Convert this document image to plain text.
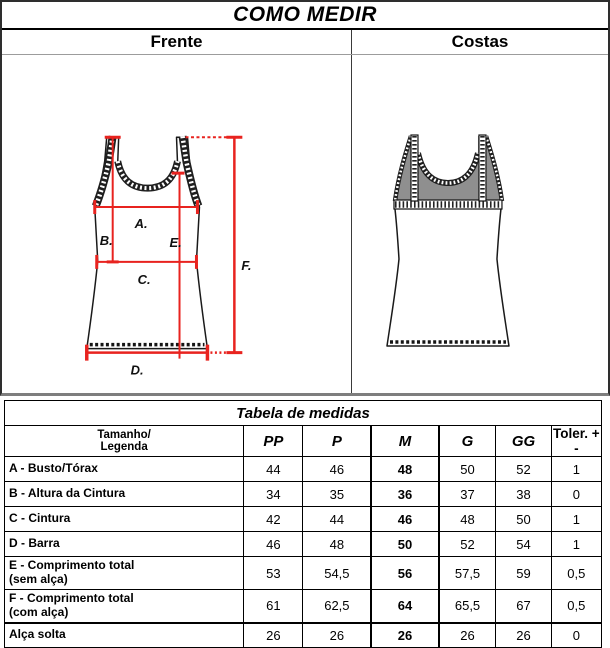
COMO MEDIR
Frente	Costas
A.
B.	E.
C.
F.
D.
Tabela de medidas						

Tamanho/
Legenda	PP	P	M	G	GG	Toler. + -

A - Busto/Tórax	44	46	48	50	52	1

B - Altura da Cintura	34	35	36	37	38	0

C - Cintura	42	44	46	48	50	1

D - Barra	46	48	50	52	54	1

E - Comprimento total
(sem alça)	53	54,5	56	57,5	59	0,5

F - Comprimento total
(com alça)	61	62,5	64	65,5	67	0,5

Alça solta	26	26	26	26	26	0
